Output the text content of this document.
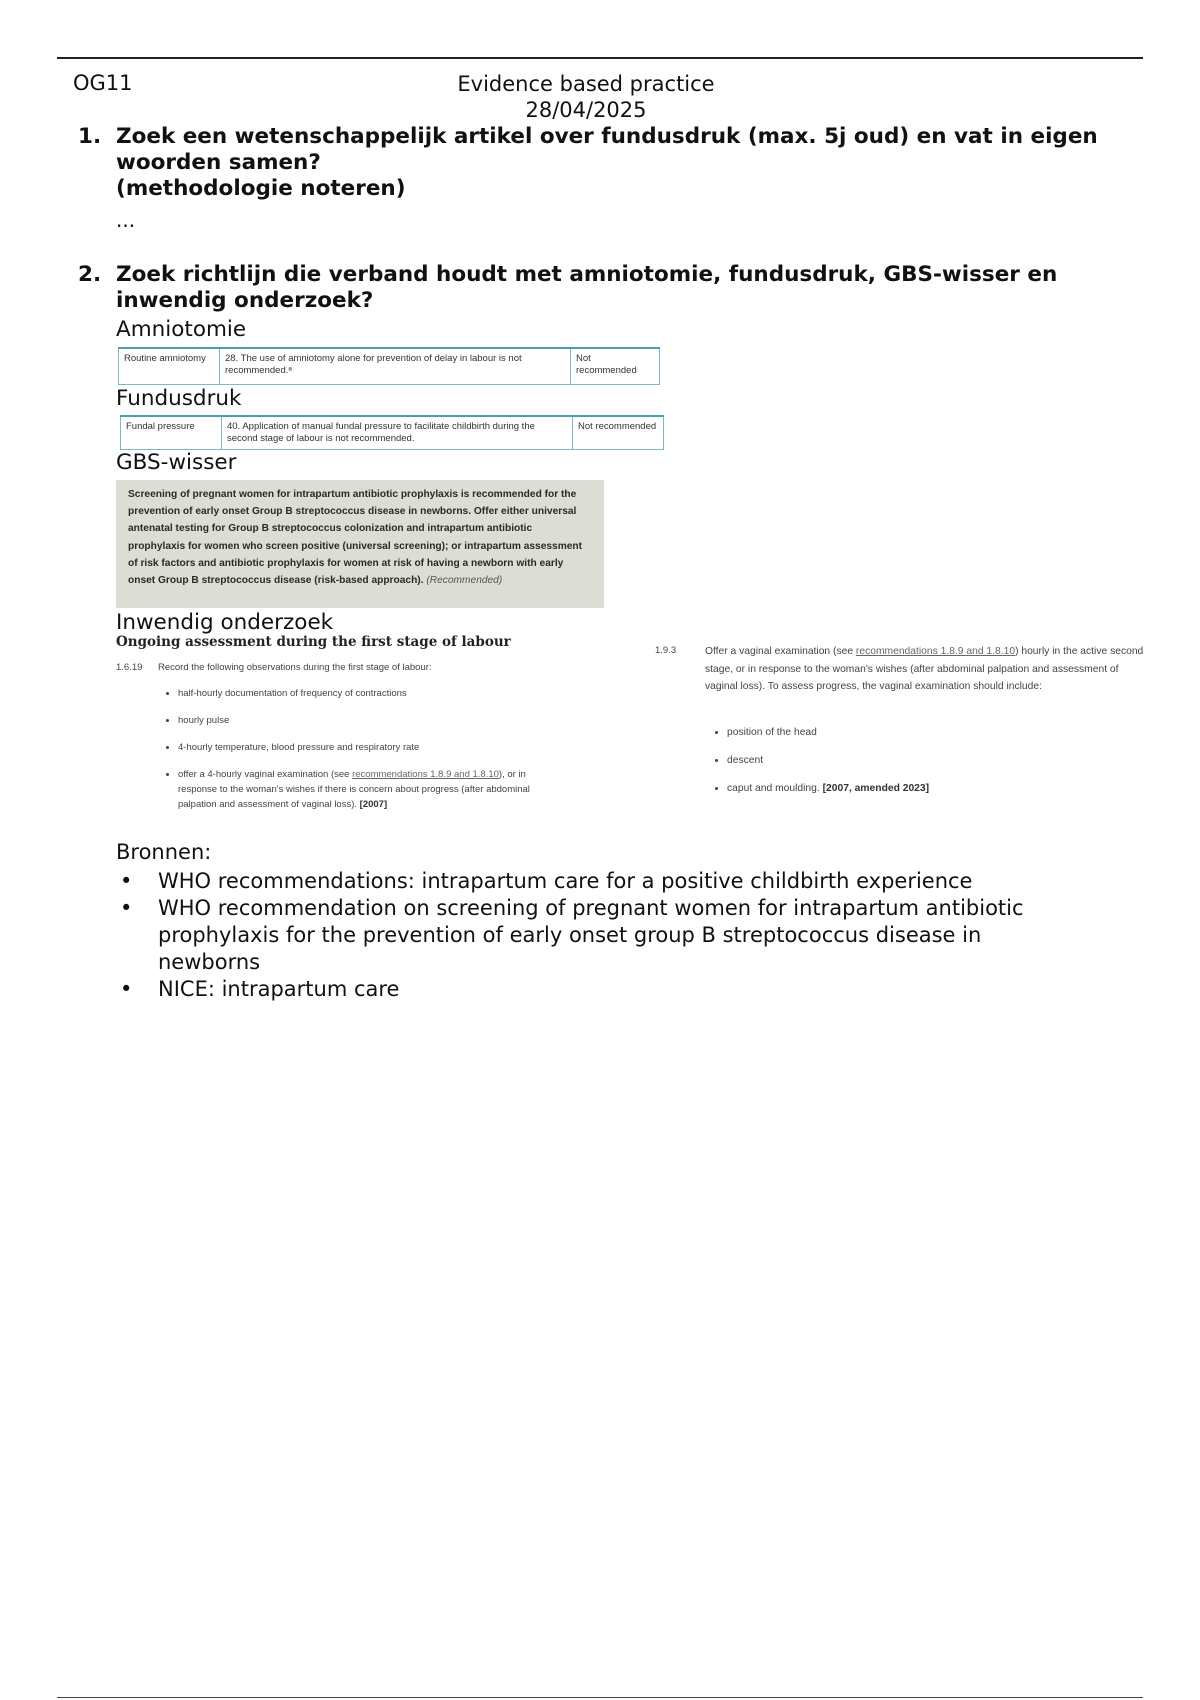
OG11	Evidence based practice
28/04/2025
1. Zoek een wetenschappelijk artikel over fundusdruk (max. 5j oud) en vat in eigen woorden samen?
(methodologie noteren)
...
2. Zoek richtlijn die verband houdt met amniotomie, fundusdruk, GBS-wisser en inwendig onderzoek?
Amniotomie
Routine amniotomy	28. The use of amniotomy alone for prevention of delay in labour is not recommended.ᵃ	Not recommended
Fundusdruk
Fundal pressure	40. Application of manual fundal pressure to facilitate childbirth during the second stage of labour is not recommended.	Not recommended
GBS-wisser
Screening of pregnant women for intrapartum antibiotic prophylaxis is recommended for the prevention of early onset Group B streptococcus disease in newborns. Offer either universal antenatal testing for Group B streptococcus colonization and intrapartum antibiotic prophylaxis for women who screen positive (universal screening); or intrapartum assessment of risk factors and antibiotic prophylaxis for women at risk of having a newborn with early onset Group B streptococcus disease (risk-based approach). (Recommended)
Inwendig onderzoek
Ongoing assessment during the first stage of labour
1.6.19 Record the following observations during the first stage of labour:
• half-hourly documentation of frequency of contractions
• hourly pulse
• 4-hourly temperature, blood pressure and respiratory rate
• offer a 4-hourly vaginal examination (see recommendations 1.8.9 and 1.8.10), or in response to the woman's wishes if there is concern about progress (after abdominal palpation and assessment of vaginal loss). [2007]
1.9.3	Offer a vaginal examination (see recommendations 1.8.9 and 1.8.10) hourly in the active second stage, or in response to the woman's wishes (after abdominal palpation and assessment of vaginal loss). To assess progress, the vaginal examination should include:
• position of the head
• descent
• caput and moulding. [2007, amended 2023]
Bronnen:
• WHO recommendations: intrapartum care for a positive childbirth experience
• WHO recommendation on screening of pregnant women for intrapartum antibiotic prophylaxis for the prevention of early onset group B streptococcus disease in newborns
• NICE: intrapartum care
